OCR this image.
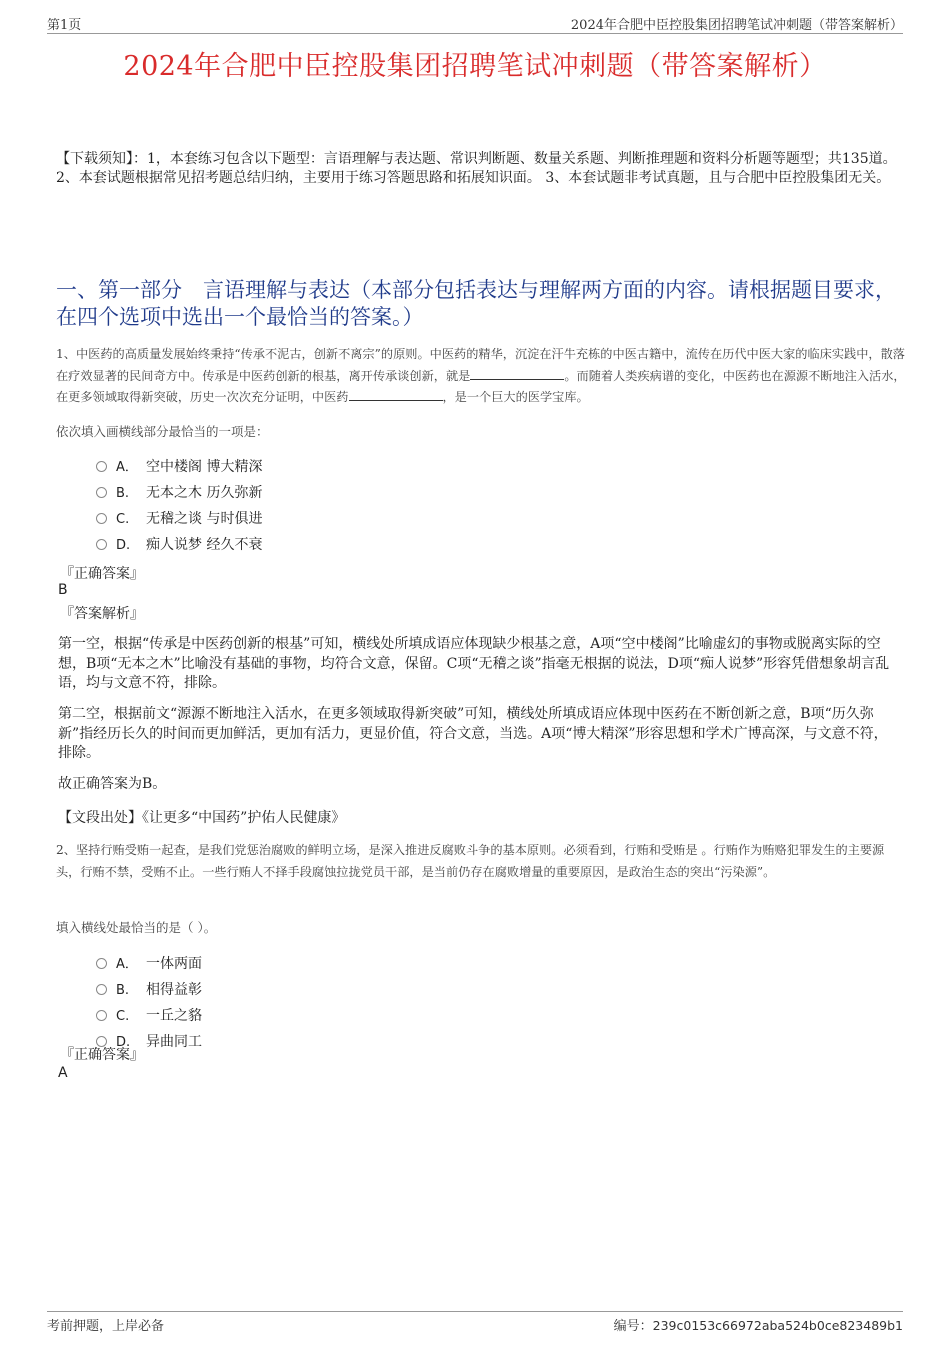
第1页	2024年合肥中臣控股集团招聘笔试冲刺题（带答案解析）
2024年合肥中臣控股集团招聘笔试冲刺题（带答案解析）
【下载须知】：1，本套练习包含以下题型：言语理解与表达题、常识判断题、数量关系题、判断推理题和资料分析题等题型；共135道。 2、本套试题根据常见招考题总结归纳，主要用于练习答题思路和拓展知识面。 3、本套试题非考试真题，且与合肥中臣控股集团无关。
一、第一部分　言语理解与表达（本部分包括表达与理解两方面的内容。请根据题目要求，在四个选项中选出一个最恰当的答案。）
1、中医药的高质量发展始终秉持“传承不泥古，创新不离宗”的原则。中医药的精华，沉淀在汗牛充栋的中医古籍中，流传在历代中医大家的临床实践中，散落在疗效显著的民间奇方中。传承是中医药创新的根基，离开传承谈创新，就是	。而随着人类疾病谱的变化，中医药也在源源不断地注入活水，在更多领域取得新突破，历史一次次充分证明，中医药	，是一个巨大的医学宝库。
依次填入画横线部分最恰当的一项是：
A． 空中楼阁 博大精深
B. 无本之木 历久弥新
C. 无稽之谈 与时俱进
D. 痴人说梦 经久不衰
『正确答案』
B
『答案解析』
第一空，根据“传承是中医药创新的根基”可知，横线处所填成语应体现缺少根基之意，A项“空中楼阁”比喻虚幻的事物或脱离实际的空想，B项“无本之木”比喻没有基础的事物，均符合文意，保留。C项“无稽之谈”指毫无根据的说法，D项“痴人说梦”形容凭借想象胡言乱语，均与文意不符，排除。
第二空，根据前文“源源不断地注入活水，在更多领域取得新突破”可知，横线处所填成语应体现中医药在不断创新之意，B项“历久弥新”指经历长久的时间而更加鲜活，更加有活力，更显价值，符合文意，当选。A项“博大精深”形容思想和学术广博高深，与文意不符，排除。
故正确答案为B。
【文段出处】《让更多“中国药”护佑人民健康》
2、坚持行贿受贿一起查，是我们党惩治腐败的鲜明立场，是深入推进反腐败斗争的基本原则。必须看到，行贿和受贿是 。行贿作为贿赂犯罪发生的主要源头，行贿不禁，受贿不止。一些行贿人不择手段腐蚀拉拢党员干部，是当前仍存在腐败增量的重要原因，是政治生态的突出“污染源”。
填入横线处最恰当的是（ ）。
A． 一体两面
B. 相得益彰
C. 一丘之貉
D. 异曲同工
『正确答案』
A
考前押题，上岸必备	编号：239c0153c66972aba524b0ce823489b1
